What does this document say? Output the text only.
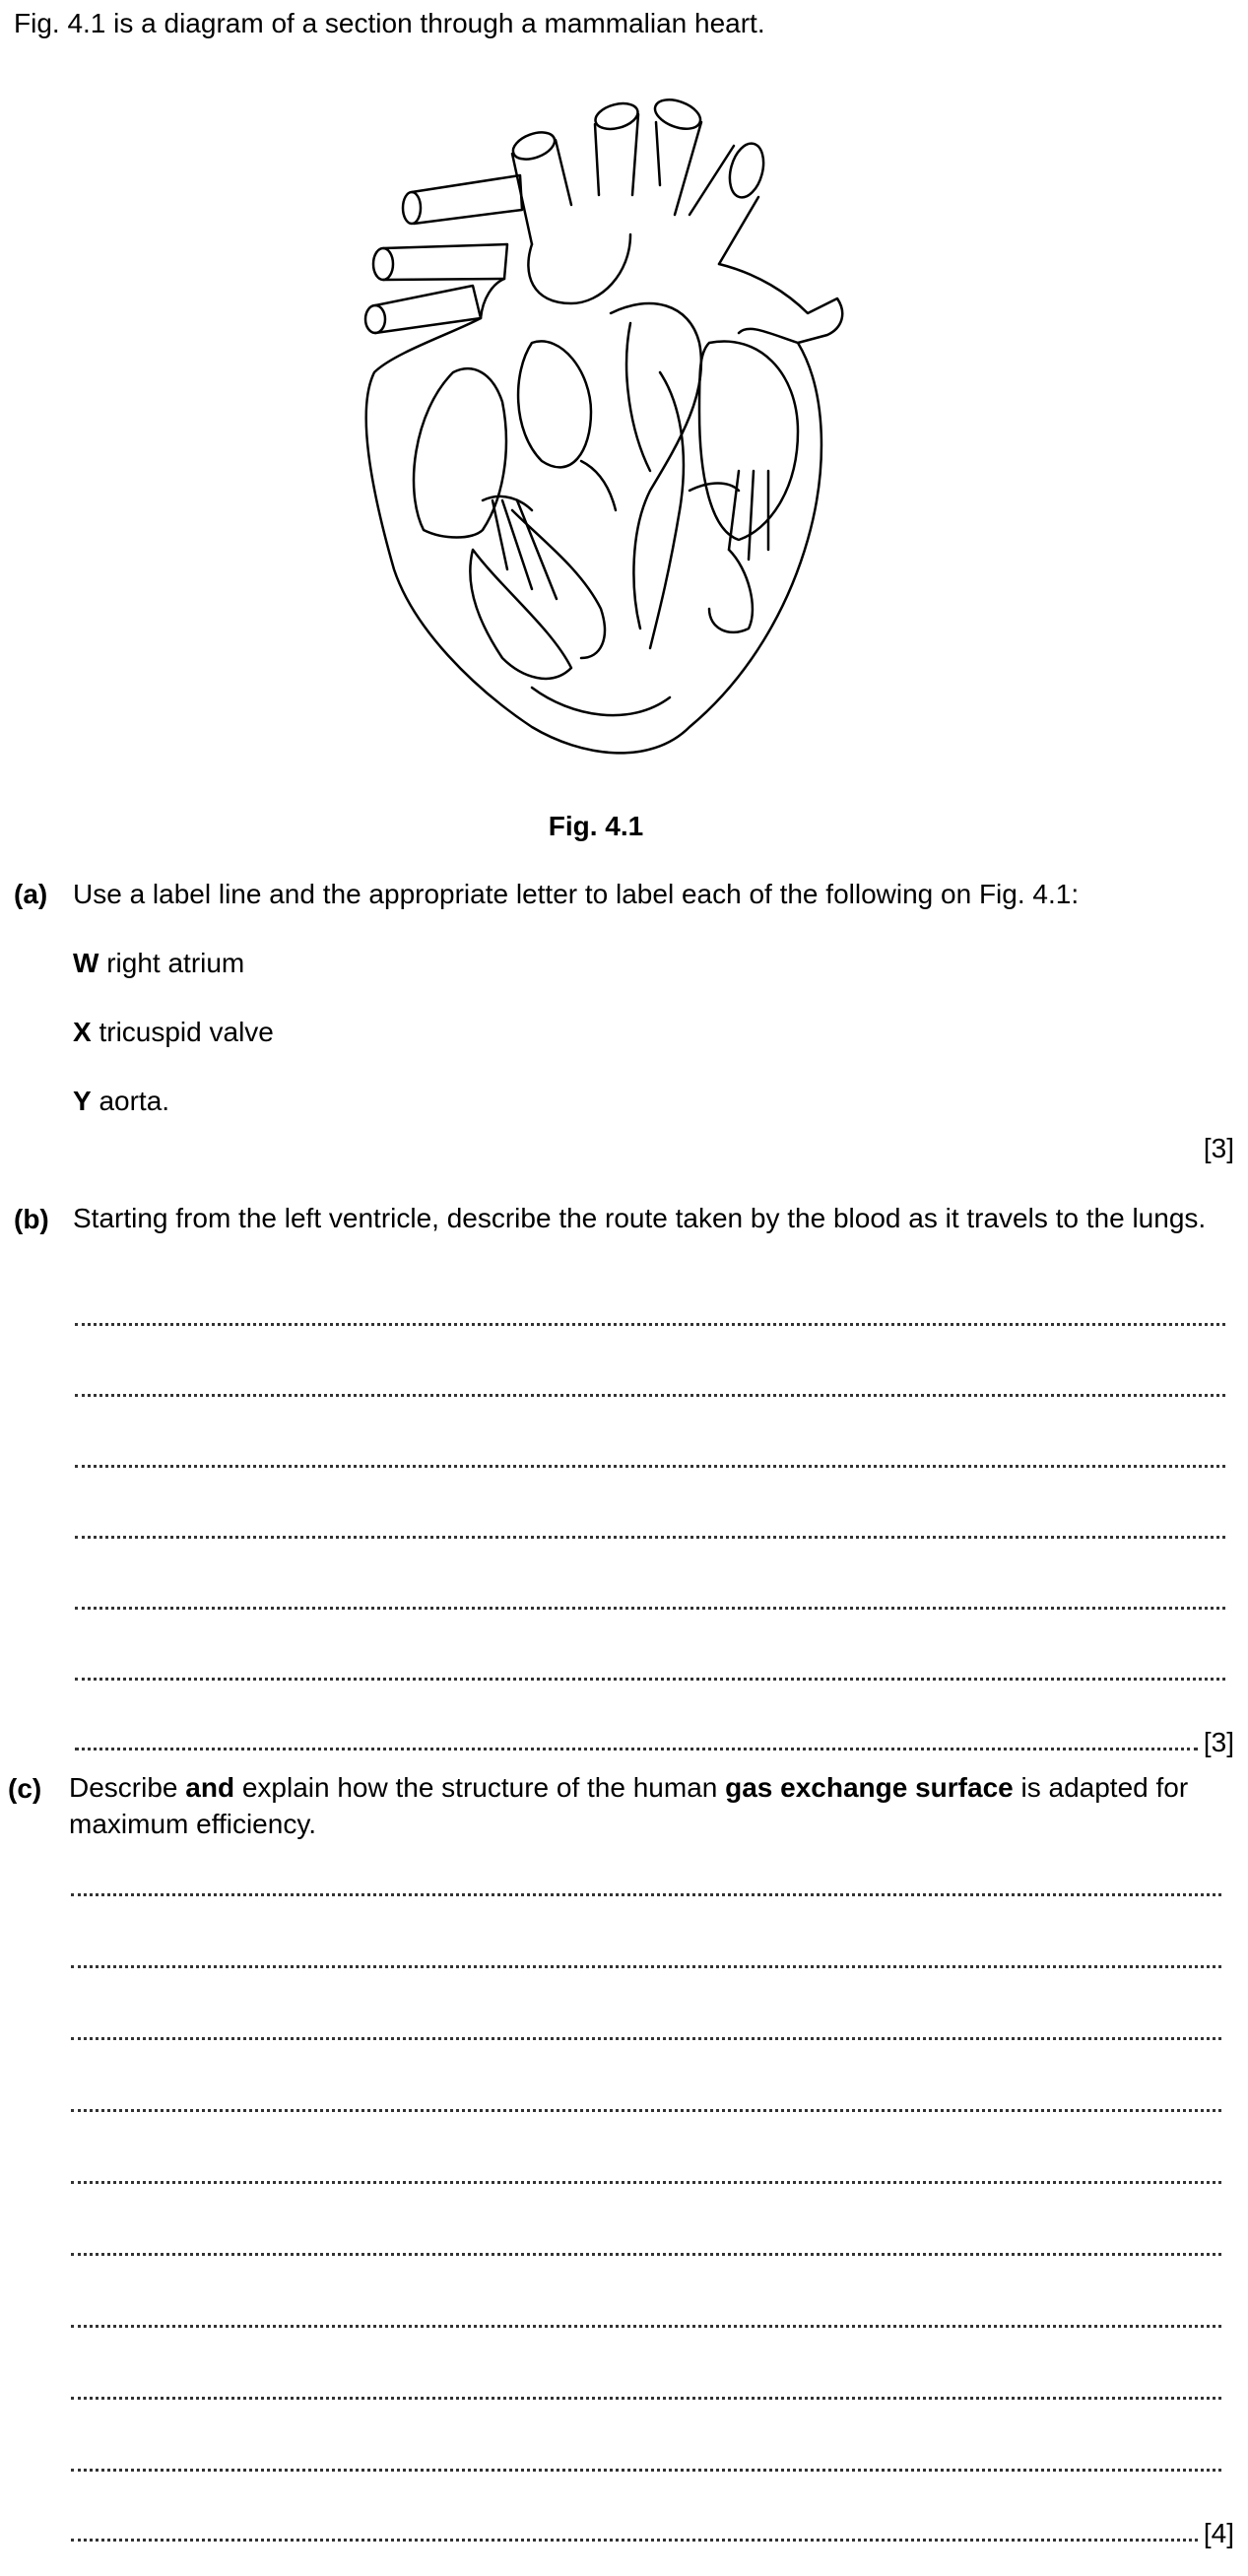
Fig. 4.1 is a diagram of a section through a mammalian heart.
Fig. 4.1
(a) Use a label line and the appropriate letter to label each of the following on Fig. 4.1:
W right atrium
X tricuspid valve
Y aorta.
[3]
(b) Starting from the left ventricle, describe the route taken by the blood as it travels to the lungs.
[3]
(c) Describe and explain how the structure of the human gas exchange surface is adapted for maximum efficiency.
[4]
